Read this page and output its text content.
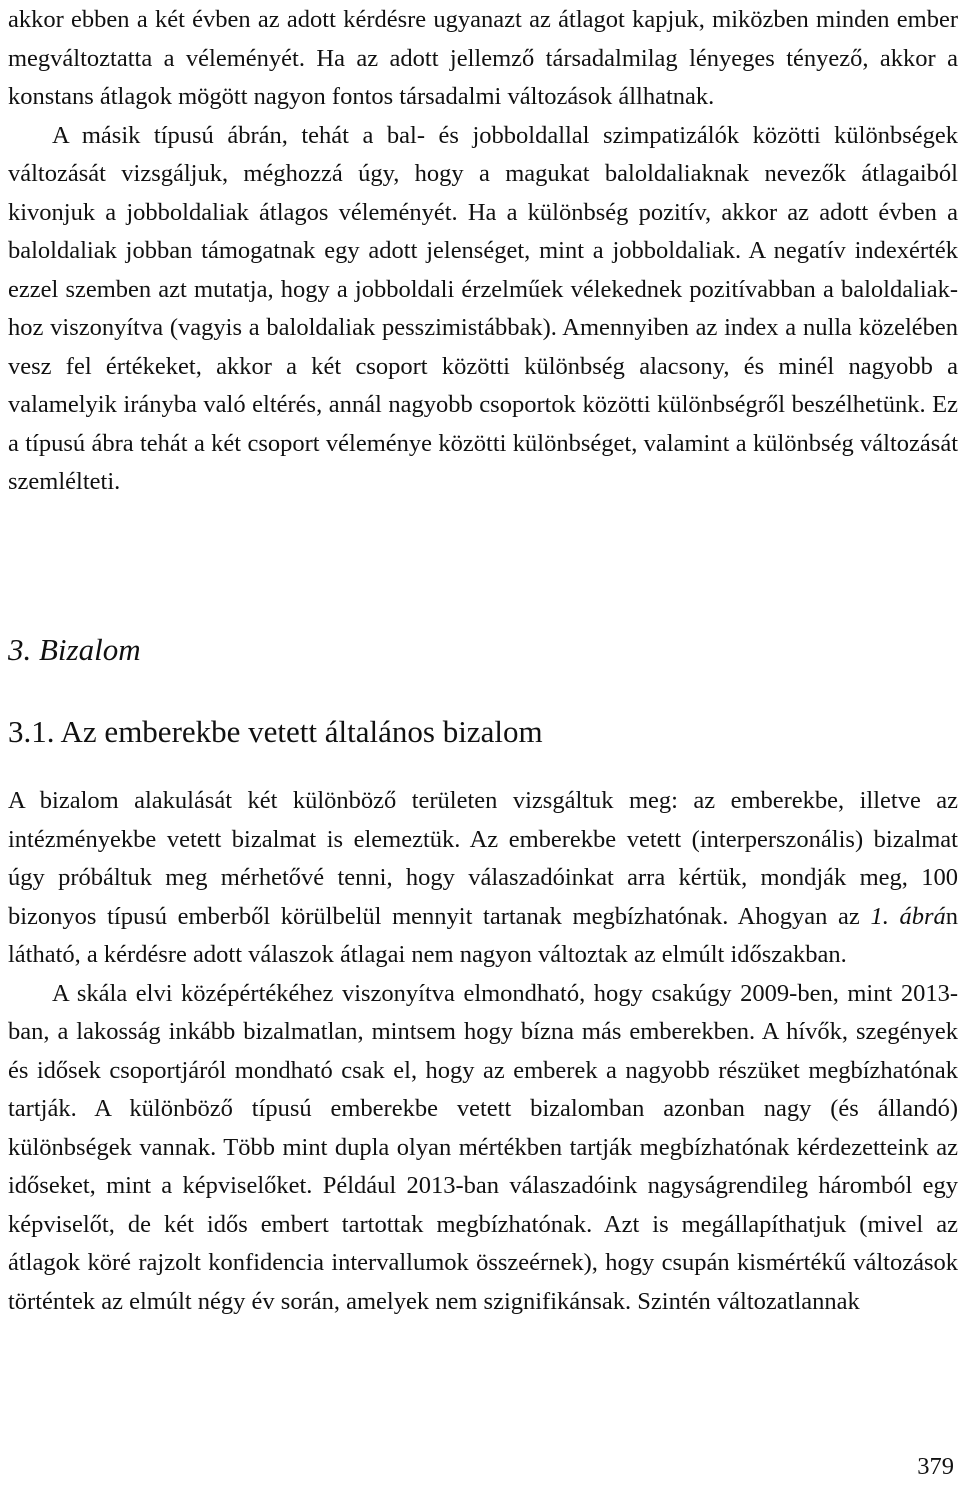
akkor ebben a két évben az adott kérdésre ugyanazt az átlagot kapjuk, miközben minden ember megváltoztatta a véleményét. Ha az adott jellemző társadalmilag lényeges tényező, akkor a konstans átlagok mögött nagyon fontos társadalmi változások állhatnak.

A másik típusú ábrán, tehát a bal- és jobboldallal szimpatizálók közötti különbségek változását vizsgáljuk, méghozzá úgy, hogy a magukat baloldaliaknak nevezők átlagaiból kivonjuk a jobboldaliak átlagos véleményét. Ha a különbség pozitív, akkor az adott évben a baloldaliak jobban támogatnak egy adott jelenséget, mint a jobboldaliak. A negatív indexérték ezzel szemben azt mutatja, hogy a jobboldali érzelműek vélekednek pozitívabban a baloldaliakhoz viszonyítva (vagyis a baloldaliak pesszimistábbak). Amennyiben az index a nulla közelében vesz fel értékeket, akkor a két csoport közötti különbség alacsony, és minél nagyobb a valamelyik irányba való eltérés, annál nagyobb csoportok közötti különbségről beszélhetünk. Ez a típusú ábra tehát a két csoport véleménye közötti különbséget, valamint a különbség változását szemlélteti.

3. Bizalom
3.1. Az emberekbe vetett általános bizalom

A bizalom alakulását két különböző területen vizsgáltuk meg: az emberekbe, illetve az intézményekbe vetett bizalmat is elemeztük. Az emberekbe vetett (interperszonális) bizalmat úgy próbáltuk meg mérhetővé tenni, hogy válaszadóinkat arra kértük, mondják meg, 100 bizonyos típusú emberből körülbelül mennyit tartanak megbízhatónak. Ahogyan az 1. ábrán látható, a kérdésre adott válaszok átlagai nem nagyon változtak az elmúlt időszakban.

A skála elvi középértékéhez viszonyítva elmondható, hogy csakúgy 2009-ben, mint 2013-ban, a lakosság inkább bizalmatlan, mintsem hogy bízna más emberekben. A hívők, szegények és idősek csoportjáról mondható csak el, hogy az emberek a nagyobb részüket megbízhatónak tartják. A különböző típusú emberekbe vetett bizalomban azonban nagy (és állandó) különbségek vannak. Több mint dupla olyan mértékben tartják megbízhatónak kérdezetteink az időseket, mint a képviselőket. Például 2013-ban válaszadóink nagyságrendileg háromból egy képviselőt, de két idős embert tartottak megbízhatónak. Azt is megállapíthatjuk (mivel az átlagok köré rajzolt konfidencia intervallumok összeérnek), hogy csupán kismértékű változások történtek az elmúlt négy év során, amelyek nem szignifikánsak. Szintén változatlannak

379
